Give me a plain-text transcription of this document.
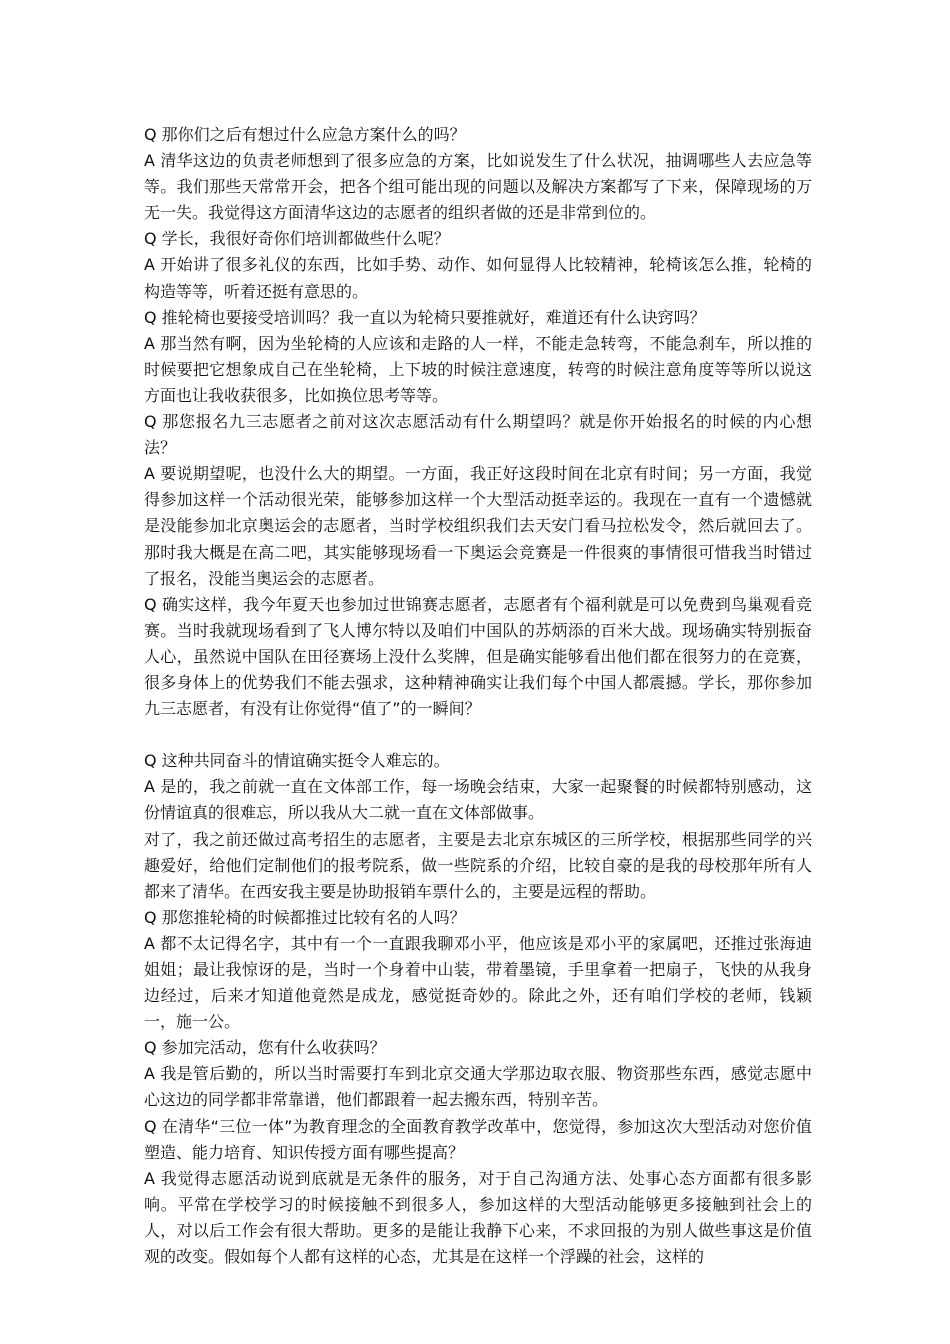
Q 那你们之后有想过什么应急方案什么的吗？

A 清华这边的负责老师想到了很多应急的方案，比如说发生了什么状况，抽调哪些人去应急等等。我们那些天常常开会，把各个组可能出现的问题以及解决方案都写了下来，保障现场的万无一失。我觉得这方面清华这边的志愿者的组织者做的还是非常到位的。

Q 学长，我很好奇你们培训都做些什么呢？

A 开始讲了很多礼仪的东西，比如手势、动作、如何显得人比较精神，轮椅该怎么推，轮椅的构造等等，听着还挺有意思的。

Q 推轮椅也要接受培训吗？我一直以为轮椅只要推就好，难道还有什么诀窍吗？

A 那当然有啊，因为坐轮椅的人应该和走路的人一样，不能走急转弯，不能急刹车，所以推的时候要把它想象成自己在坐轮椅，上下坡的时候注意速度，转弯的时候注意角度等等所以说这方面也让我收获很多，比如换位思考等等。

Q 那您报名九三志愿者之前对这次志愿活动有什么期望吗？就是你开始报名的时候的内心想法？

A 要说期望呢，也没什么大的期望。一方面，我正好这段时间在北京有时间；另一方面，我觉得参加这样一个活动很光荣，能够参加这样一个大型活动挺幸运的。我现在一直有一个遗憾就是没能参加北京奥运会的志愿者，当时学校组织我们去天安门看马拉松发令，然后就回去了。那时我大概是在高二吧，其实能够现场看一下奥运会竞赛是一件很爽的事情很可惜我当时错过了报名，没能当奥运会的志愿者。

Q 确实这样，我今年夏天也参加过世锦赛志愿者，志愿者有个福利就是可以免费到鸟巢观看竞赛。当时我就现场看到了飞人博尔特以及咱们中国队的苏炳添的百米大战。现场确实特别振奋人心，虽然说中国队在田径赛场上没什么奖牌，但是确实能够看出他们都在很努力的在竞赛，很多身体上的优势我们不能去强求，这种精神确实让我们每个中国人都震撼。学长，那你参加九三志愿者，有没有让你觉得“值了”的一瞬间？

Q 这种共同奋斗的情谊确实挺令人难忘的。

A 是的，我之前就一直在文体部工作，每一场晚会结束，大家一起聚餐的时候都特别感动，这份情谊真的很难忘，所以我从大二就一直在文体部做事。

对了，我之前还做过高考招生的志愿者，主要是去北京东城区的三所学校，根据那些同学的兴趣爱好，给他们定制他们的报考院系，做一些院系的介绍，比较自豪的是我的母校那年所有人都来了清华。在西安我主要是协助报销车票什么的，主要是远程的帮助。

Q 那您推轮椅的时候都推过比较有名的人吗？

A 都不太记得名字，其中有一个一直跟我聊邓小平，他应该是邓小平的家属吧，还推过张海迪姐姐；最让我惊讶的是，当时一个身着中山装，带着墨镜，手里拿着一把扇子，飞快的从我身边经过，后来才知道他竟然是成龙，感觉挺奇妙的。除此之外，还有咱们学校的老师，钱颖一，施一公。

Q 参加完活动，您有什么收获吗？

A 我是管后勤的，所以当时需要打车到北京交通大学那边取衣服、物资那些东西，感觉志愿中心这边的同学都非常靠谱，他们都跟着一起去搬东西，特别辛苦。

Q 在清华“三位一体”为教育理念的全面教育教学改革中，您觉得，参加这次大型活动对您价值塑造、能力培育、知识传授方面有哪些提高？

A 我觉得志愿活动说到底就是无条件的服务，对于自己沟通方法、处事心态方面都有很多影响。平常在学校学习的时候接触不到很多人，参加这样的大型活动能够更多接触到社会上的人，对以后工作会有很大帮助。更多的是能让我静下心来，不求回报的为别人做些事这是价值观的改变。假如每个人都有这样的心态，尤其是在这样一个浮躁的社会，这样的
